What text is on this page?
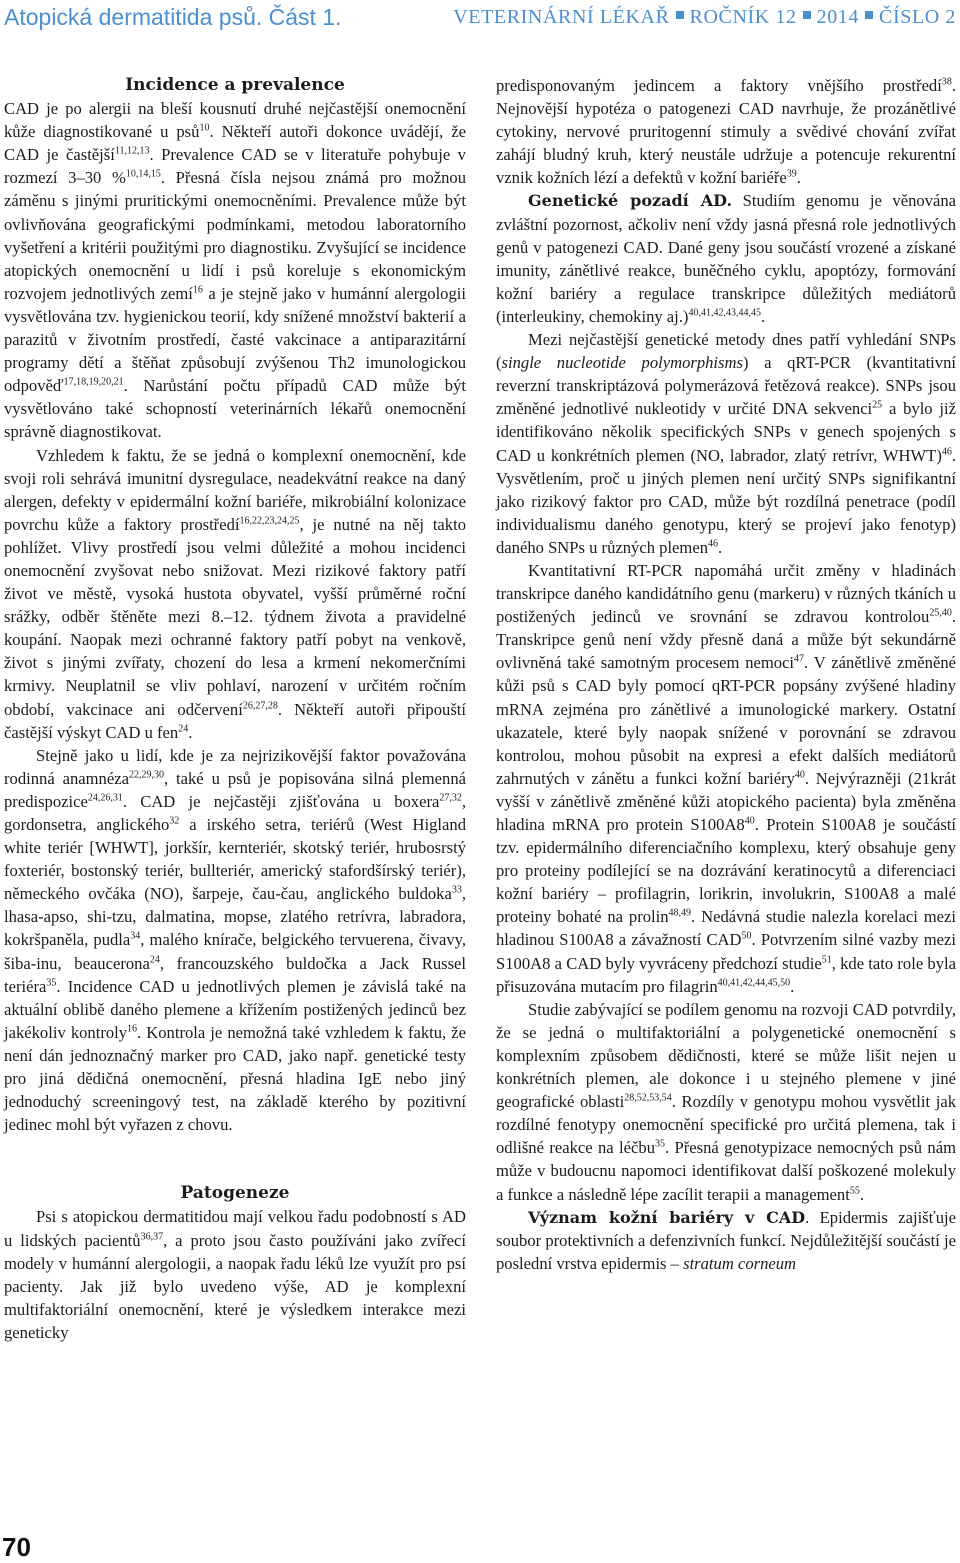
Atopická dermatitida psů. Část 1.	VETERINÁRNÍ LÉKAŘ ROČNÍK 12 2014 ČÍSLO 2
Incidence a prevalence

CAD je po alergii na bleší kousnutí druhé nejčastější onemocnění kůže diagnostikované u psů$^{10}$. Někteří autoři dokonce uvádějí, že CAD je častější$^{11,12,13}$. Prevalence CAD se v literatuře pohybuje v rozmezí 3–30 %$^{10,14,15}$. Přesná čísla nejsou známá pro možnou záměnu s jinými pruritickými onemocněními. Prevalence může být ovlivňována geografickými podmínkami, metodou laboratorního vyšetření a kritérii použitými pro diagnostiku. Zvyšující se incidence atopických onemocnění u lidí i psů koreluje s ekonomickým rozvojem jednotlivých zemí$^{16}$ a je stejně jako v humánní alergologii vysvětlována tzv. hygienickou teorií, kdy snížené množství bakterií a parazitů v životním prostředí, časté vakcinace a antiparazitární programy dětí a štěňat způsobují zvýšenou Th2 imunologickou odpověď$^{17,18,19,20,21}$. Narůstání počtu případů CAD může být vysvětlováno také schopností veterinárních lékařů onemocnění správně diagnostikovat.

Vzhledem k faktu, že se jedná o komplexní onemocnění, kde svoji roli sehrává imunitní dysregulace, neadekvátní reakce na daný alergen, defekty v epidermální kožní bariéře, mikrobiální kolonizace povrchu kůže a faktory prostředí$^{16,22,23,24,25}$, je nutné na něj takto pohlížet. Vlivy prostředí jsou velmi důležité a mohou incidenci onemocnění zvyšovat nebo snižovat. Mezi rizikové faktory patří život ve městě, vysoká hustota obyvatel, vyšší průměrné roční srážky, odběr štěněte mezi 8.–12. týdnem života a pravidelné koupání. Naopak mezi ochranné faktory patří pobyt na venkově, život s jinými zvířaty, chození do lesa a krmení nekomerčními krmivy. Neuplatnil se vliv pohlaví, narození v určitém ročním období, vakcinace ani odčervení$^{26,27,28}$. Někteří autoři připouští častější výskyt CAD u fen$^{24}$.

Stejně jako u lidí, kde je za nejrizikovější faktor považována rodinná anamnéza$^{22,29,30}$, také u psů je popisována silná plemenná predispozice$^{24,26,31}$. CAD je nejčastěji zjišťována u boxera$^{27,32}$, gordonsetra, anglického$^{32}$ a irského setra, teriérů (West Higland white teriér [WHWT], jorkšír, kernteriér, skotský teriér, hrubosrstý foxteriér, bostonský teriér, bullteriér, americký stafordšírský teriér), německého ovčáka (NO), šarpeje, čau-čau, anglického buldoka$^{33}$, lhasa-apso, shi-tzu, dalmatina, mopse, zlatého retrívra, labradora, kokršpaněla, pudla$^{34}$, malého knírače, belgického tervuerena, čivavy, šiba-inu, beaucerona$^{24}$, francouzského buldočka a Jack Russel teriéra$^{35}$. Incidence CAD u jednotlivých plemen je závislá také na aktuální oblibě daného plemene a křížením postižených jedinců bez jakékoliv kontroly$^{16}$. Kontrola je nemožná také vzhledem k faktu, že není dán jednoznačný marker pro CAD, jako např. genetické testy pro jiná dědičná onemocnění, přesná hladina IgE nebo jiný jednoduchý screeningový test, na základě kterého by pozitivní jedinec mohl být vyřazen z chovu.

Patogeneze

Psi s atopickou dermatitidou mají velkou řadu podobností s AD u lidských pacientů$^{36,37}$, a proto jsou často používáni jako zvířecí modely v humánní alergologii, a naopak řadu léků lze využít pro psí pacienty. Jak již bylo uvedeno výše, AD je komplexní multifaktoriální onemocnění, které je výsledkem interakce mezi geneticky

predisponovaným jedincem a faktory vnějšího prostředí$^{38}$. Nejnovější hypotéza o patogenezi CAD navrhuje, že prozánětlivé cytokiny, nervové pruritogenní stimuly a svědivé chování zvířat zahájí bludný kruh, který neustále udržuje a potencuje rekurentní vznik kožních lézí a defektů v kožní bariéře$^{39}$.

Genetické pozadí AD. Studiím genomu je věnována zvláštní pozornost, ačkoliv není vždy jasná přesná role jednotlivých genů v patogenezi CAD. Dané geny jsou součástí vrozené a získané imunity, zánětlivé reakce, buněčného cyklu, apoptózy, formování kožní bariéry a regulace transkripce důležitých mediátorů (interleukiny, chemokiny aj.)$^{40,41,42,43,44,45}$.

Mezi nejčastější genetické metody dnes patří vyhledání SNPs (single nucleotide polymorphisms) a qRT-PCR (kvantitativní reverzní transkriptázová polymerázová řetězová reakce). SNPs jsou změněné jednotlivé nukleotidy v určité DNA sekvenci$^{25}$ a bylo již identifikováno několik specifických SNPs v genech spojených s CAD u konkrétních plemen (NO, labrador, zlatý retrívr, WHWT)$^{46}$. Vysvětlením, proč u jiných plemen není určitý SNPs signifikantní jako rizikový faktor pro CAD, může být rozdílná penetrace (podíl individualismu daného genotypu, který se projeví jako fenotyp) daného SNPs u různých plemen$^{46}$.

Kvantitativní RT-PCR napomáhá určit změny v hladinách transkripce daného kandidátního genu (markeru) v různých tkáních u postižených jedinců ve srovnání se zdravou kontrolou$^{25,40}$. Transkripce genů není vždy přesně daná a může být sekundárně ovlivněná také samotným procesem nemoci$^{47}$. V zánětlivě změněné kůži psů s CAD byly pomocí qRT-PCR popsány zvýšené hladiny mRNA zejména pro zánětlivé a imunologické markery. Ostatní ukazatele, které byly naopak snížené v porovnání se zdravou kontrolou, mohou působit na expresi a efekt dalších mediátorů zahrnutých v zánětu a funkci kožní bariéry$^{40}$. Nejvýrazněji (21krát vyšší v zánětlivě změněné kůži atopického pacienta) byla změněna hladina mRNA pro protein $S100A8^{40}$. Protein S100A8 je součástí tzv. epidermálního diferenciačního komplexu, který obsahuje geny pro proteiny podílející se na dozrávání keratinocytů a diferenciaci kožní bariéry – profilagrin, lorikrin, involukrin, S100A8 a malé proteiny bohaté na prolin$^{48,49}$. Nedávná studie nalezla korelaci mezi hladinou S100A8 a závažností CAD$^{50}$. Potvrzením silné vazby mezi S100A8 a CAD byly vyvráceny předchozí studie$^{51}$, kde tato role byla přisuzována mutacím pro filagrin$^{40,41,42,44,45,50}$.

Studie zabývající se podílem genomu na rozvoji CAD potvrdily, že se jedná o multifaktoriální a polygenetické onemocnění s komplexním způsobem dědičnosti, které se může lišit nejen u konkrétních plemen, ale dokonce i u stejného plemene v jiné geografické oblasti$^{28,52,53,54}$. Rozdíly v genotypu mohou vysvětlit jak rozdílné fenotypy onemocnění specifické pro určitá plemena, tak i odlišné reakce na léčbu$^{35}$. Přesná genotypizace nemocných psů nám může v budoucnu napomoci identifikovat další poškozené molekuly a funkce a následně lépe zacílit terapii a management$^{55}$.

Význam kožní bariéry v CAD. Epidermis zajišťuje soubor protektivních a defenzivních funkcí. Nejdůležitější součástí je poslední vrstva epidermis – stratum corneum

70
